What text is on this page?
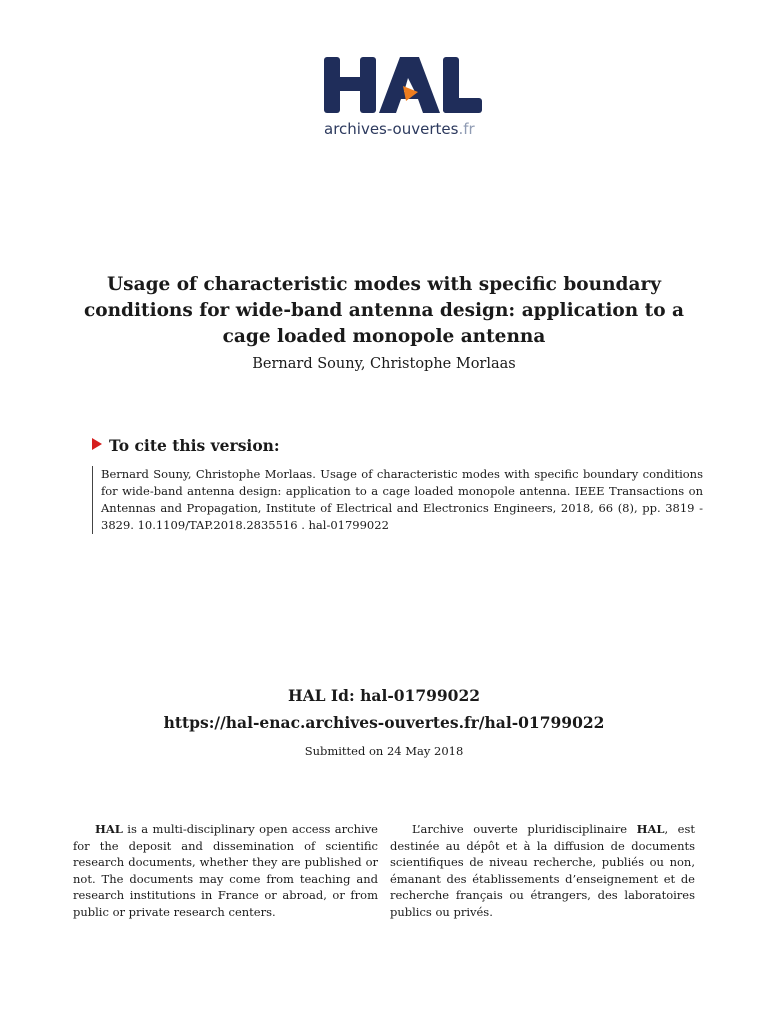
archives-ouvertes.fr
Usage of characteristic modes with specific boundary conditions for wide-band antenna design: application to a cage loaded monopole antenna
Bernard Souny, Christophe Morlaas
To cite this version:
Bernard Souny, Christophe Morlaas. Usage of characteristic modes with specific boundary conditions for wide-band antenna design: application to a cage loaded monopole antenna. IEEE Transactions on Antennas and Propagation, Institute of Electrical and Electronics Engineers, 2018, 66 (8), pp. 3819 - 3829. 10.1109/TAP.2018.2835516 . hal-01799022
HAL Id: hal-01799022
https://hal-enac.archives-ouvertes.fr/hal-01799022
Submitted on 24 May 2018

HAL is a multi-disciplinary open access archive for the deposit and dissemination of scientific research documents, whether they are published or not. The documents may come from teaching and research institutions in France or abroad, or from public or private research centers.

L’archive ouverte pluridisciplinaire HAL, est destinée au dépôt et à la diffusion de documents scientifiques de niveau recherche, publiés ou non, émanant des établissements d’enseignement et de recherche français ou étrangers, des laboratoires publics ou privés.
